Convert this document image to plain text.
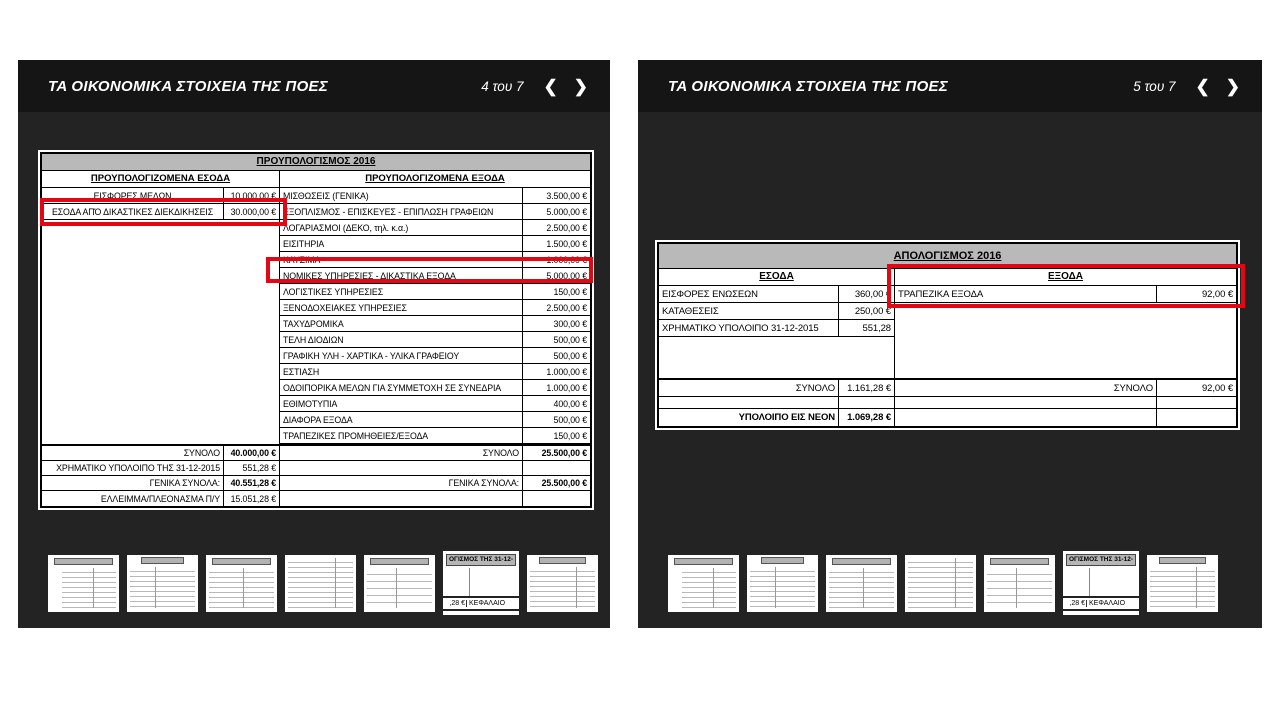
ΤΑ ΟΙΚΟΝΟΜΙΚΑ ΣΤΟΙΧΕΙΑ ΤΗΣ ΠΟΕΣ	4 του 7 ❮ ❯
ΠΡΟΥΠΟΛΟΓΙΣΜΟΣ 2016
ΠΡΟΥΠΟΛΟΓΙΖΟΜΕΝΑ ΕΣΟΔΑ
ΕΙΣΦΟΡΕΣ ΜΕΛΩΝ	10.000,00 €
ΕΣΟΔΑ ΑΠΌ ΔΙΚΑΣΤΙΚΕΣ ΔΙΕΚΔΙΚΗΣΕΙΣ	30.000,00 €
ΣΥΝΟΛΟ	40.000,00 €
ΧΡΗΜΑΤΙΚΟ ΥΠΟΛΟΙΠΟ ΤΗΣ 31-12-2015	551,28 €
ΓΕΝΙΚΑ ΣΥΝΟΛΑ:	40.551,28 €
ΕΛΛΕΙΜΜΑ/ΠΛΕΟΝΑΣΜΑ Π/Υ	15.051,28 €
ΠΡΟΥΠΟΛΟΓΙΖΟΜΕΝΑ ΕΞΟΔΑ
ΜΙΣΘΩΣΕΙΣ (ΓΕΝΙΚΑ)	3.500,00 €
ΕΞΟΠΛΙΣΜΟΣ - ΕΠΙΣΚΕΥΕΣ - ΕΠΙΠΛΩΣΗ ΓΡΑΦΕΙΩΝ	5.000,00 €
ΛΟΓΑΡΙΑΣΜΟΙ (ΔΕΚΟ, τηλ. κ.α.)	2.500,00 €
ΕΙΣΙΤΗΡΙΑ	1.500,00 €
ΚΑΥΣΙΜΑ	1.000,00 €
ΝΟΜΙΚΕΣ ΥΠΗΡΕΣΙΕΣ - ΔΙΚΑΣΤΙΚΑ ΕΞΟΔΑ	5.000,00 €
ΛΟΓΙΣΤΙΚΕΣ ΥΠΗΡΕΣΙΕΣ	150,00 €
ΞΕΝΟΔΟΧΕΙΑΚΕΣ ΥΠΗΡΕΣΙΕΣ	2.500,00 €
ΤΑΧΥΔΡΟΜΙΚΑ	300,00 €
ΤΕΛΗ ΔΙΟΔΙΩΝ	500,00 €
ΓΡΑΦΙΚΗ ΥΛΗ - ΧΑΡΤΙΚΑ - ΥΛΙΚΑ ΓΡΑΦΕΙΟΥ	500,00 €
ΕΣΤΙΑΣΗ	1.000,00 €
ΟΔΟΙΠΟΡΙΚΑ ΜΕΛΩΝ ΓΙΑ ΣΥΜΜΕΤΟΧΗ ΣΕ ΣΥΝΕΔΡΙΑ	1.000,00 €
ΕΘΙΜΟΤΥΠΙΑ	400,00 €
ΔΙΑΦΟΡΑ ΕΞΟΔΑ	500,00 €
ΤΡΑΠΕΖΙΚΕΣ ΠΡΟΜΗΘΕΙΕΣ/ΕΞΟΔΑ	150,00 €
ΣΥΝΟΛΟ	25.500,00 €
ΓΕΝΙΚΑ ΣΥΝΟΛΑ:	25.500,00 €
ΟΓΙΣΜΟΣ ΤΗΣ 31-12-
,28 € ΚΕΦΑΛΑΙΟ
ΤΑ ΟΙΚΟΝΟΜΙΚΑ ΣΤΟΙΧΕΙΑ ΤΗΣ ΠΟΕΣ	5 του 7 ❮ ❯
ΑΠΟΛΟΓΙΣΜΟΣ 2016
ΕΣΟΔΑ
ΕΙΣΦΟΡΕΣ ΕΝΩΣΕΩΝ	360,00 €
ΚΑΤΑΘΕΣΕΙΣ	250,00 €
ΧΡΗΜΑΤΙΚΟ ΥΠΟΛΟΙΠΟ 31-12-2015	551,28
ΣΥΝΟΛΟ	1.161,28 €
ΥΠΟΛΟΙΠΟ ΕΙΣ ΝΕΟΝ	1.069,28 €
ΕΞΟΔΑ
ΤΡΑΠΕΖΙΚΑ ΕΞΟΔΑ	92,00 €
ΣΥΝΟΛΟ	92,00 €
ΟΓΙΣΜΟΣ ΤΗΣ 31-12-
,28 € ΚΕΦΑΛΑΙΟ
